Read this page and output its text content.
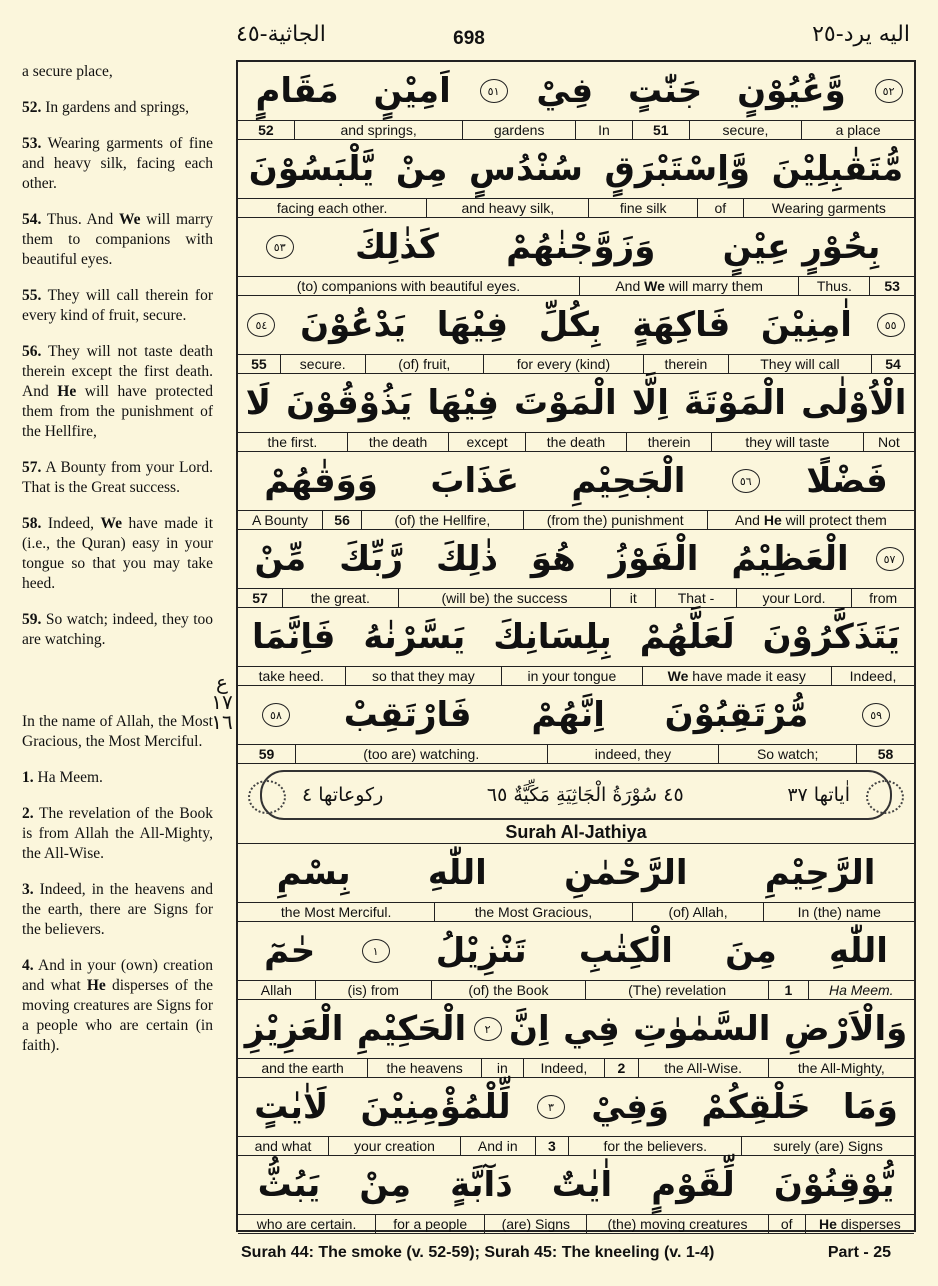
الجاثية-٤٥	698	اليه يرد-٢٥

a secure place,

52. In gardens and springs,

53. Wearing garments of fine and heavy silk, facing each other.

54. Thus. And We will marry them to companions with beautiful eyes.

55. They will call therein for every kind of fruit, secure.

56. They will not taste death therein except the first death. And He will have protected them from the punishment of the Hellfire,

57. A Bounty from your Lord. That is the Great success.

58. Indeed, We have made it (i.e., the Quran) easy in your tongue so that you may take heed.

59. So watch; indeed, they too are watching.

In the name of Allah, the Most Gracious, the Most Merciful.

1. Ha Meem.

2. The revelation of the Book is from Allah the All-Mighty, the All-Wise.

3. Indeed, in the heavens and the earth, there are Signs for the believers.

4. And in your (own) creation and what He disperses of the moving creatures are Signs for a people who are certain (in faith).

ع ١٧ ١٦
اٰياتها ٣٧
٤٥ سُوْرَةُ الْجَاثِيَةِ مَكِّيَّةٌ ٦٥
ركوعاتها ٤
Surah Al-Jathiya
مَقَامٍ اَمِيْنٍ	٥١ فِيْ جَنّٰتٍ وَّعُيُوْنٍ	٥٢
52	and springs,	gardens	In	51	secure,	a place
يَّلْبَسُوْنَ مِنْ سُنْدُسٍ وَّاِسْتَبْرَقٍ مُّتَقٰبِلِيْنَ
facing each other.	and heavy silk,	fine silk	of	Wearing garments
٥٣ كَذٰلِكَ وَزَوَّجْنٰهُمْ بِحُوْرٍ عِيْنٍ
(to) companions with beautiful eyes.	And We will marry them	Thus.	53
٥٤ يَدْعُوْنَ فِيْهَا بِكُلِّ فَاكِهَةٍ اٰمِنِيْنَ	٥٥
55	secure.	(of) fruit,	for every (kind)	therein	They will call	54
لَا يَذُوْقُوْنَ فِيْهَا الْمَوْتَ اِلَّا الْمَوْتَةَ الْاُوْلٰى
the first.	the death	except	the death	therein	they will taste	Not
وَوَقٰهُمْ عَذَابَ الْجَحِيْمِ	٥٦ فَضْلًا
A Bounty	56	(of) the Hellfire,	(from the) punishment	And He will protect them
مِّنْ رَّبِّكَ ذٰلِكَ هُوَ الْفَوْزُ الْعَظِيْمُ	٥٧
57	the great.	(will be) the success	it	That -	your Lord.	from
فَاِنَّمَا يَسَّرْنٰهُ بِلِسَانِكَ لَعَلَّهُمْ يَتَذَكَّرُوْنَ
take heed.	so that they may	in your tongue	We have made it easy	Indeed,
٥٨ فَارْتَقِبْ اِنَّهُمْ مُّرْتَقِبُوْنَ	٥٩
59	(too are) watching.	indeed, they	So watch;	58
بِسْمِ اللّٰهِ الرَّحْمٰنِ الرَّحِيْمِ
the Most Merciful.	the Most Gracious,	(of) Allah,	In (the) name
حٰمٓ	١	تَنْزِيْلُ الْكِتٰبِ مِنَ اللّٰهِ
Allah	(is) from	(of) the Book	(The) revelation	1	Ha Meem.
الْعَزِيْزِ الْحَكِيْمِ	٢ اِنَّ فِي السَّمٰوٰتِ وَالْاَرْضِ
and the earth	the heavens	in	Indeed,	2	the All-Wise.	the All-Mighty,
لَاٰيٰتٍ لِّلْمُؤْمِنِيْنَ	٣	وَفِيْ خَلْقِكُمْ وَمَا
and what	your creation	And in	3	for the believers.	surely (are) Signs
يَبُثُّ مِنْ دَآبَّةٍ اٰيٰتٌ لِّقَوْمٍ يُّوْقِنُوْنَ
who are certain.	for a people	(are) Signs	(the) moving creatures	of	He disperses
Surah 44: The smoke (v. 52-59); Surah 45: The kneeling (v. 1-4)	Part - 25
